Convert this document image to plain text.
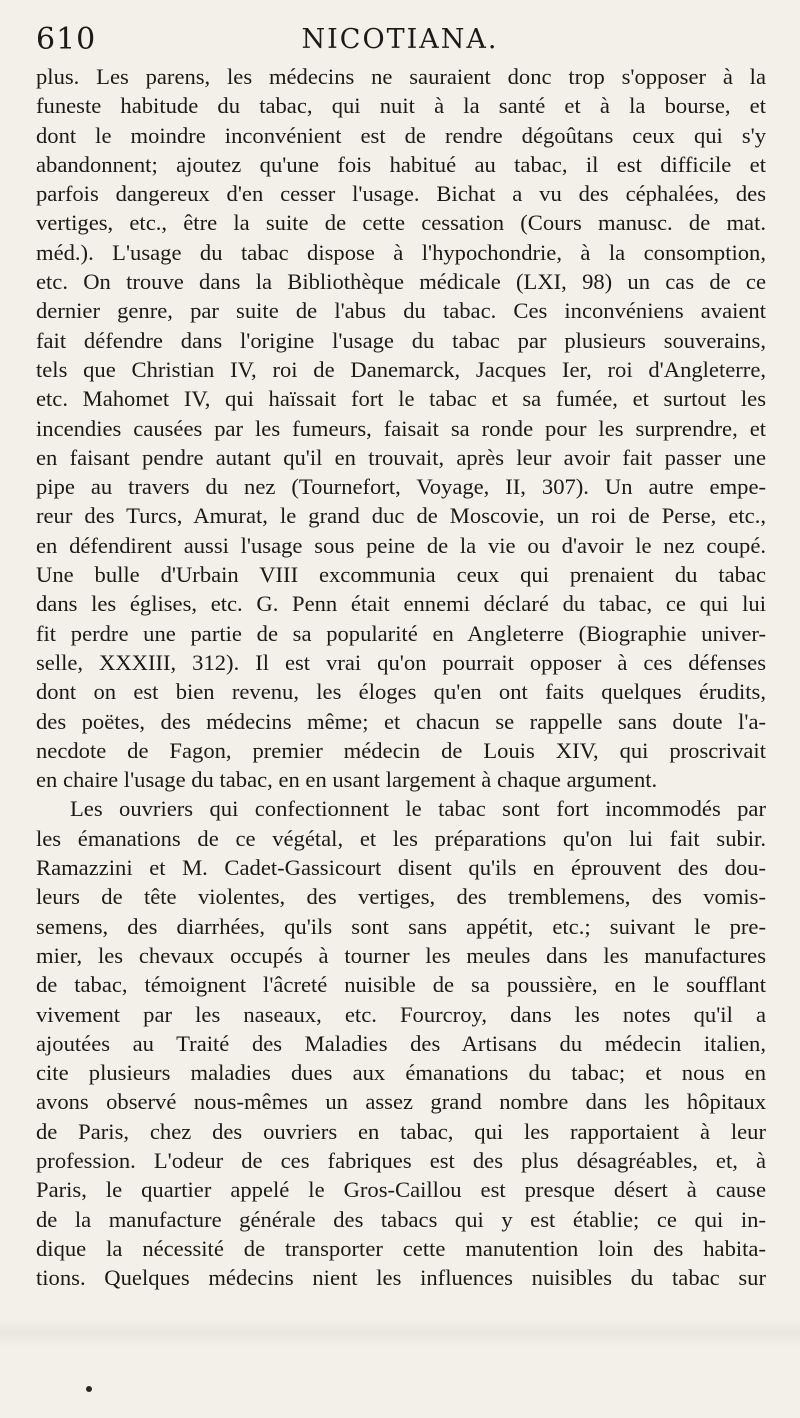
610	NICOTIANA.

plus. Les parens, les médecins ne sauraient donc trop s'opposer à la
funeste habitude du tabac, qui nuit à la santé et à la bourse, et
dont le moindre inconvénient est de rendre dégoûtans ceux qui s'y
abandonnent; ajoutez qu'une fois habitué au tabac, il est difficile et
parfois dangereux d'en cesser l'usage. Bichat a vu des céphalées, des
vertiges, etc., être la suite de cette cessation (Cours manusc. de mat.
méd.). L'usage du tabac dispose à l'hypochondrie, à la consomption,
etc. On trouve dans la Bibliothèque médicale (LXI, 98) un cas de ce
dernier genre, par suite de l'abus du tabac. Ces inconvéniens avaient
fait défendre dans l'origine l'usage du tabac par plusieurs souverains,
tels que Christian IV, roi de Danemarck, Jacques Ier, roi d'Angleterre,
etc. Mahomet IV, qui haïssait fort le tabac et sa fumée, et surtout les
incendies causées par les fumeurs, faisait sa ronde pour les surprendre, et
en faisant pendre autant qu'il en trouvait, après leur avoir fait passer une
pipe au travers du nez (Tournefort, Voyage, II, 307). Un autre empe-
reur des Turcs, Amurat, le grand duc de Moscovie, un roi de Perse, etc.,
en défendirent aussi l'usage sous peine de la vie ou d'avoir le nez coupé.
Une bulle d'Urbain VIII excommunia ceux qui prenaient du tabac
dans les églises, etc. G. Penn était ennemi déclaré du tabac, ce qui lui
fit perdre une partie de sa popularité en Angleterre (Biographie univer-
selle, XXXIII, 312). Il est vrai qu'on pourrait opposer à ces défenses
dont on est bien revenu, les éloges qu'en ont faits quelques érudits,
des poëtes, des médecins même; et chacun se rappelle sans doute l'a-
necdote de Fagon, premier médecin de Louis XIV, qui proscrivait
en chaire l'usage du tabac, en en usant largement à chaque argument.

Les ouvriers qui confectionnent le tabac sont fort incommodés par
les émanations de ce végétal, et les préparations qu'on lui fait subir.
Ramazzini et M. Cadet-Gassicourt disent qu'ils en éprouvent des dou-
leurs de tête violentes, des vertiges, des tremblemens, des vomis-
semens, des diarrhées, qu'ils sont sans appétit, etc.; suivant le pre-
mier, les chevaux occupés à tourner les meules dans les manufactures
de tabac, témoignent l'âcreté nuisible de sa poussière, en le soufflant
vivement par les naseaux, etc. Fourcroy, dans les notes qu'il a
ajoutées au Traité des Maladies des Artisans du médecin italien,
cite plusieurs maladies dues aux émanations du tabac; et nous en
avons observé nous-mêmes un assez grand nombre dans les hôpitaux
de Paris, chez des ouvriers en tabac, qui les rapportaient à leur
profession. L'odeur de ces fabriques est des plus désagréables, et, à
Paris, le quartier appelé le Gros-Caillou est presque désert à cause
de la manufacture générale des tabacs qui y est établie; ce qui in-
dique la nécessité de transporter cette manutention loin des habita-
tions. Quelques médecins nient les influences nuisibles du tabac sur
